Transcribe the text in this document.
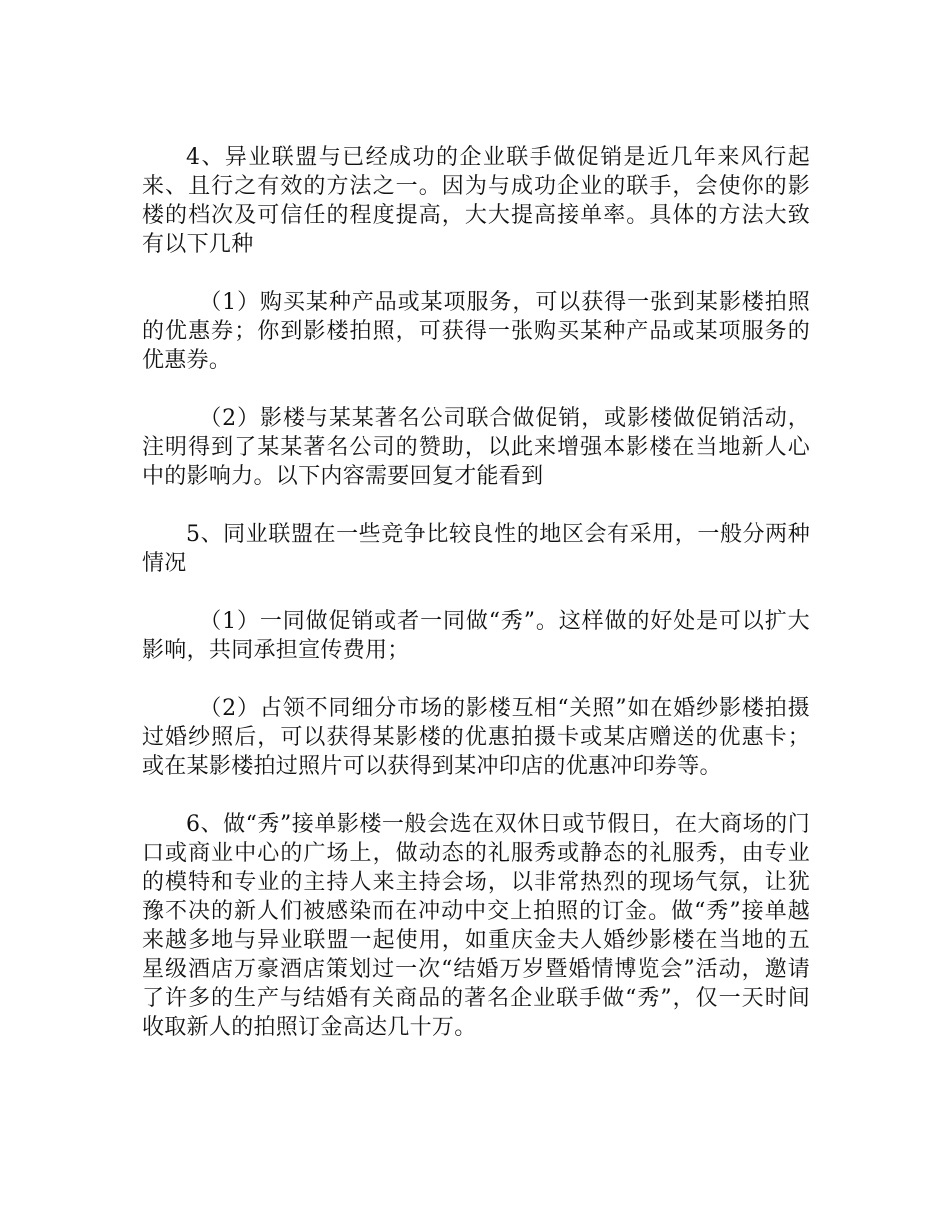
4、异业联盟与已经成功的企业联手做促销是近几年来风行起来、且行之有效的方法之一。因为与成功企业的联手，会使你的影楼的档次及可信任的程度提高，大大提高接单率。具体的方法大致有以下几种

（1）购买某种产品或某项服务，可以获得一张到某影楼拍照的优惠券；你到影楼拍照，可获得一张购买某种产品或某项服务的优惠券。

（2）影楼与某某著名公司联合做促销，或影楼做促销活动，注明得到了某某著名公司的赞助，以此来增强本影楼在当地新人心中的影响力。以下内容需要回复才能看到

5、同业联盟在一些竞争比较良性的地区会有采用，一般分两种情况

（1）一同做促销或者一同做“秀”。这样做的好处是可以扩大影响，共同承担宣传费用；

（2）占领不同细分市场的影楼互相“关照”如在婚纱影楼拍摄过婚纱照后，可以获得某影楼的优惠拍摄卡或某店赠送的优惠卡；或在某影楼拍过照片可以获得到某冲印店的优惠冲印券等。

6、做“秀”接单影楼一般会选在双休日或节假日，在大商场的门口或商业中心的广场上，做动态的礼服秀或静态的礼服秀，由专业的模特和专业的主持人来主持会场，以非常热烈的现场气氛，让犹豫不决的新人们被感染而在冲动中交上拍照的订金。做“秀”接单越来越多地与异业联盟一起使用，如重庆金夫人婚纱影楼在当地的五星级酒店万豪酒店策划过一次“结婚万岁暨婚情博览会”活动，邀请了许多的生产与结婚有关商品的著名企业联手做“秀”，仅一天时间收取新人的拍照订金高达几十万。
